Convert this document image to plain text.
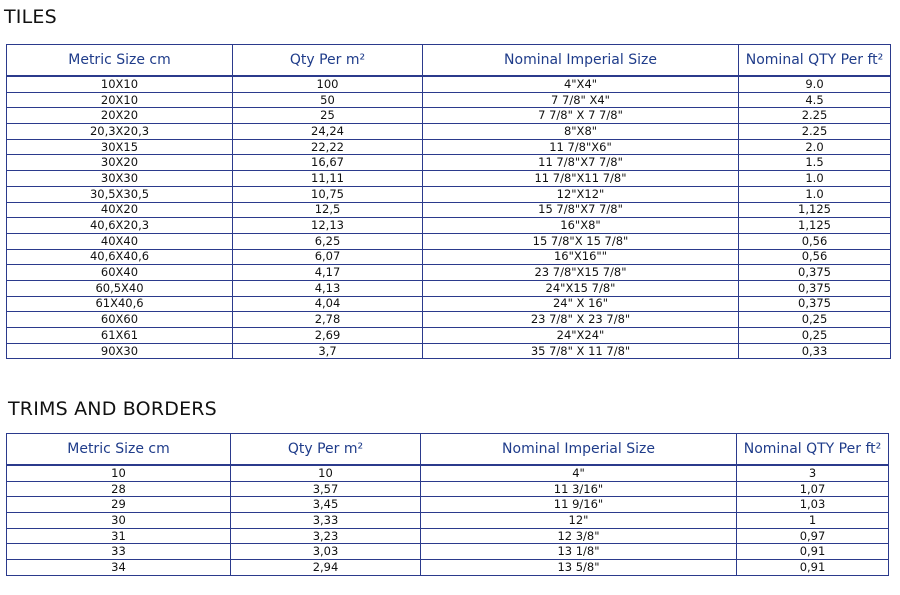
TILES
Metric Size cm	Qty Per m²	Nominal Imperial Size	Nominal QTY Per ft²
10X10	100	4"X4"	9.0
20X10	50	7 7/8" X4"	4.5
20X20	25	7 7/8" X 7 7/8"	2.25
20,3X20,3	24,24	8"X8"	2.25
30X15	22,22	11 7/8"X6"	2.0
30X20	16,67	11 7/8"X7 7/8"	1.5
30X30	11,11	11 7/8"X11 7/8"	1.0
30,5X30,5	10,75	12"X12"	1.0
40X20	12,5	15 7/8"X7 7/8"	1,125
40,6X20,3	12,13	16"X8"	1,125
40X40	6,25	15 7/8"X 15 7/8"	0,56
40,6X40,6	6,07	16"X16""	0,56
60X40	4,17	23 7/8"X15 7/8"	0,375
60,5X40	4,13	24"X15 7/8"	0,375
61X40,6	4,04	24" X 16"	0,375
60X60	2,78	23 7/8" X 23 7/8"	0,25
61X61	2,69	24"X24"	0,25
90X30	3,7	35 7/8" X 11 7/8"	0,33
TRIMS AND BORDERS
Metric Size cm	Qty Per m²	Nominal Imperial Size	Nominal QTY Per ft²
10	10	4"	3
28	3,57	11 3/16"	1,07
29	3,45	11 9/16"	1,03
30	3,33	12"	1
31	3,23	12 3/8"	0,97
33	3,03	13 1/8"	0,91
34	2,94	13 5/8"	0,91
